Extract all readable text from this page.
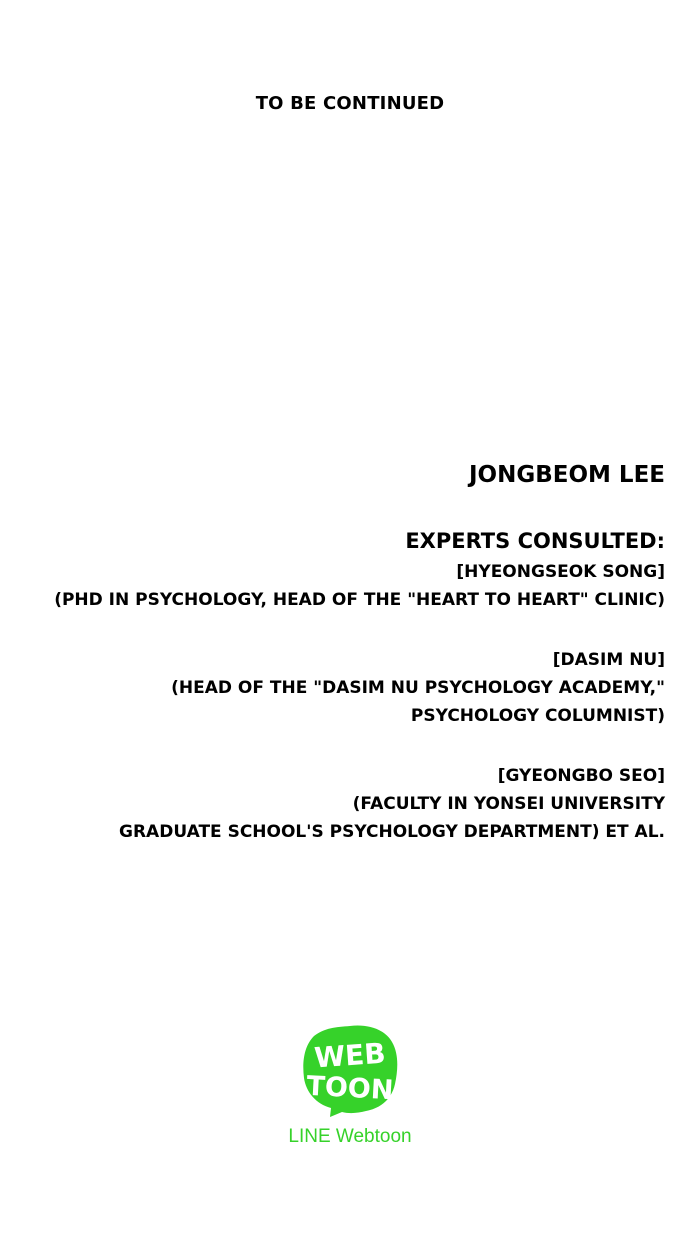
TO BE CONTINUED
JONGBEOM LEE
EXPERTS CONSULTED:
[HYEONGSEOK SONG]
(PHD IN PSYCHOLOGY, HEAD OF THE "HEART TO HEART" CLINIC)
[DASIM NU]
(HEAD OF THE "DASIM NU PSYCHOLOGY ACADEMY,"
PSYCHOLOGY COLUMNIST)
[GYEONGBO SEO]
(FACULTY IN YONSEI UNIVERSITY
GRADUATE SCHOOL'S PSYCHOLOGY DEPARTMENT) ET AL.
WEB
TOON
LINE Webtoon
